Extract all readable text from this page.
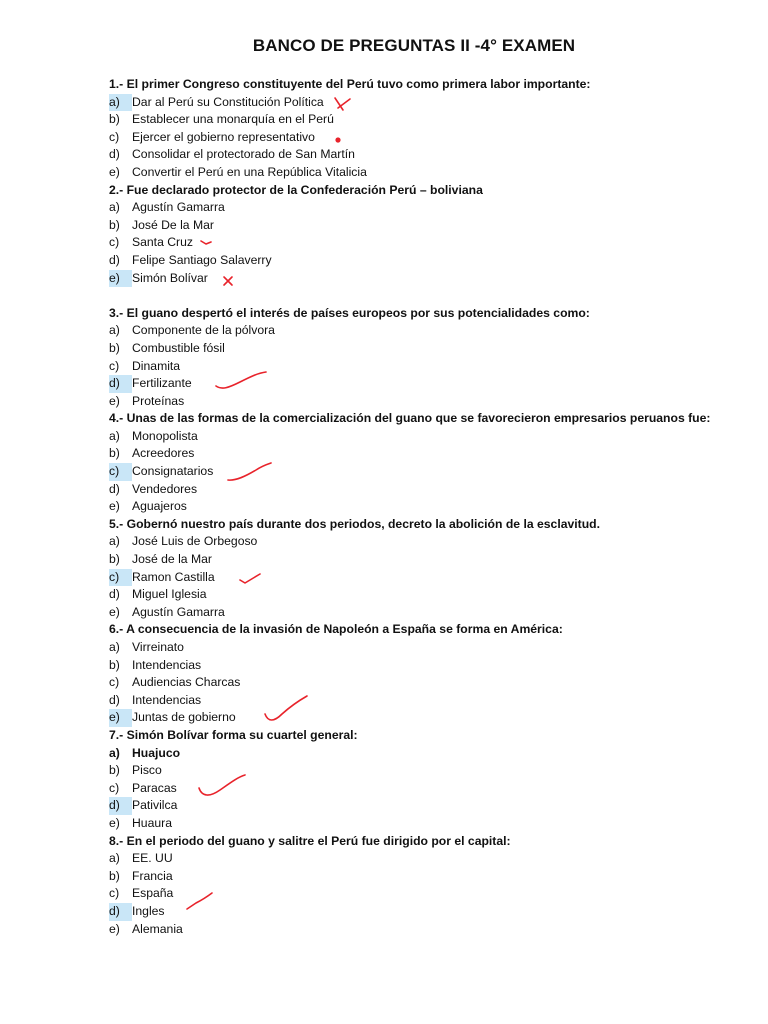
BANCO DE PREGUNTAS II -4° EXAMEN
1.- El primer Congreso constituyente del Perú tuvo como primera labor importante:
a) Dar al Perú su Constitución Política
b) Establecer una monarquía en el Perú
c) Ejercer el gobierno representativo
d) Consolidar el protectorado de San Martín
e) Convertir el Perú en una República Vitalicia
2.- Fue declarado protector de la Confederación Perú – boliviana
a) Agustín Gamarra
b) José De la Mar
c) Santa Cruz
d) Felipe Santiago Salaverry
e) Simón Bolívar
3.- El guano despertó el interés de países europeos por sus potencialidades como:
a) Componente de la pólvora
b) Combustible fósil
c) Dinamita
d) Fertilizante
e) Proteínas
4.- Unas de las formas de la comercialización del guano que se favorecieron empresarios peruanos fue:
a) Monopolista
b) Acreedores
c) Consignatarios
d) Vendedores
e) Aguajeros
5.- Gobernó nuestro país durante dos periodos, decreto la abolición de la esclavitud.
a) José Luis de Orbegoso
b) José de la Mar
c) Ramon Castilla
d) Miguel Iglesia
e) Agustín Gamarra
6.- A consecuencia de la invasión de Napoleón a España se forma en América:
a) Virreinato
b) Intendencias
c) Audiencias Charcas
d) Intendencias
e) Juntas de gobierno
7.- Simón Bolívar forma su cuartel general:
a) Huajuco
b) Pisco
c) Paracas
d) Pativilca
e) Huaura
8.- En el periodo del guano y salitre el Perú fue dirigido por el capital:
a) EE. UU
b) Francia
c) España
d) Ingles
e) Alemania
